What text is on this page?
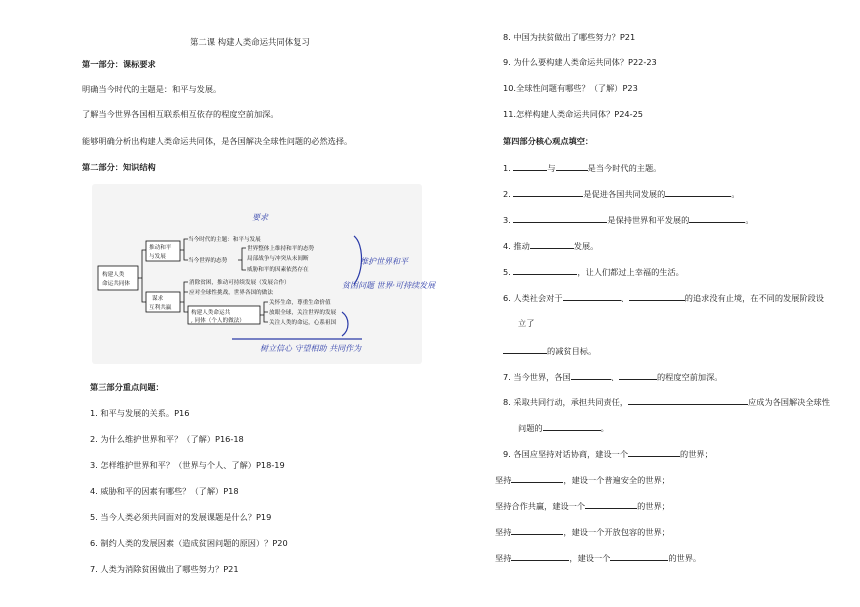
第二课 构建人类命运共同体复习
第一部分：课标要求
明确当今时代的主题是：和平与发展。
了解当今世界各国相互联系相互依存的程度空前加深。
能够明确分析出构建人类命运共同体，是各国解决全球性问题的必然选择。
第二部分：知识结构
构建人类
命运共同体
推动和平
与发展
谋求
互利共赢
当今时代的主题：和平与发展
当今世界的态势
世界整体上维持和平的态势
局部战争与冲突从未间断
威胁和平的因素依然存在
消除贫困，推动可持续发展（发展合作）
应对全球性挑战，世界各国的做法
构建人类命运共
, 同体（个人的做法）
关怀生命，尊重生命价值
放眼全球，关注世界的发展
关注人类的命运，心系祖国
要求
维护世界和平
贫困问题 世界·可持续发展
树立信心 守望相助 共同作为
第三部分重点问题：
1. 和平与发展的关系。P16
2. 为什么维护世界和平？（了解）P16-18
3. 怎样维护世界和平？（世界与个人、了解）P18-19
4. 威胁和平的因素有哪些？（了解）P18
5. 当今人类必须共同面对的发展课题是什么？P19
6. 制约人类的发展因素（造成贫困问题的原因）？P20
7. 人类为消除贫困做出了哪些努力？P21
8. 中国为扶贫做出了哪些努力？P21
9. 为什么要构建人类命运共同体？P22-23
10.全球性问题有哪些？（了解）P23
11.怎样构建人类命运共同体？P24-25
第四部分核心观点填空：
1.	与	是当今时代的主题。
2.	是促进各国共同发展的	。
3.	是保持世界和平发展的	。
4. 推动	发展。
5.	，让人们都过上幸福的生活。
6. 人类社会对于	、	的追求没有止境，在不同的发展阶段设
立了
的减贫目标。
7. 当今世界，各国	、	的程度空前加深。
8. 采取共同行动，承担共同责任，	应成为各国解决全球性
问题的	。
9. 各国应坚持对话协商，建设一个	的世界；
坚持	，建设一个普遍安全的世界；
坚持合作共赢，建设一个	的世界；
坚持	，建设一个开放包容的世界；
坚持	，建设一个	的世界。
